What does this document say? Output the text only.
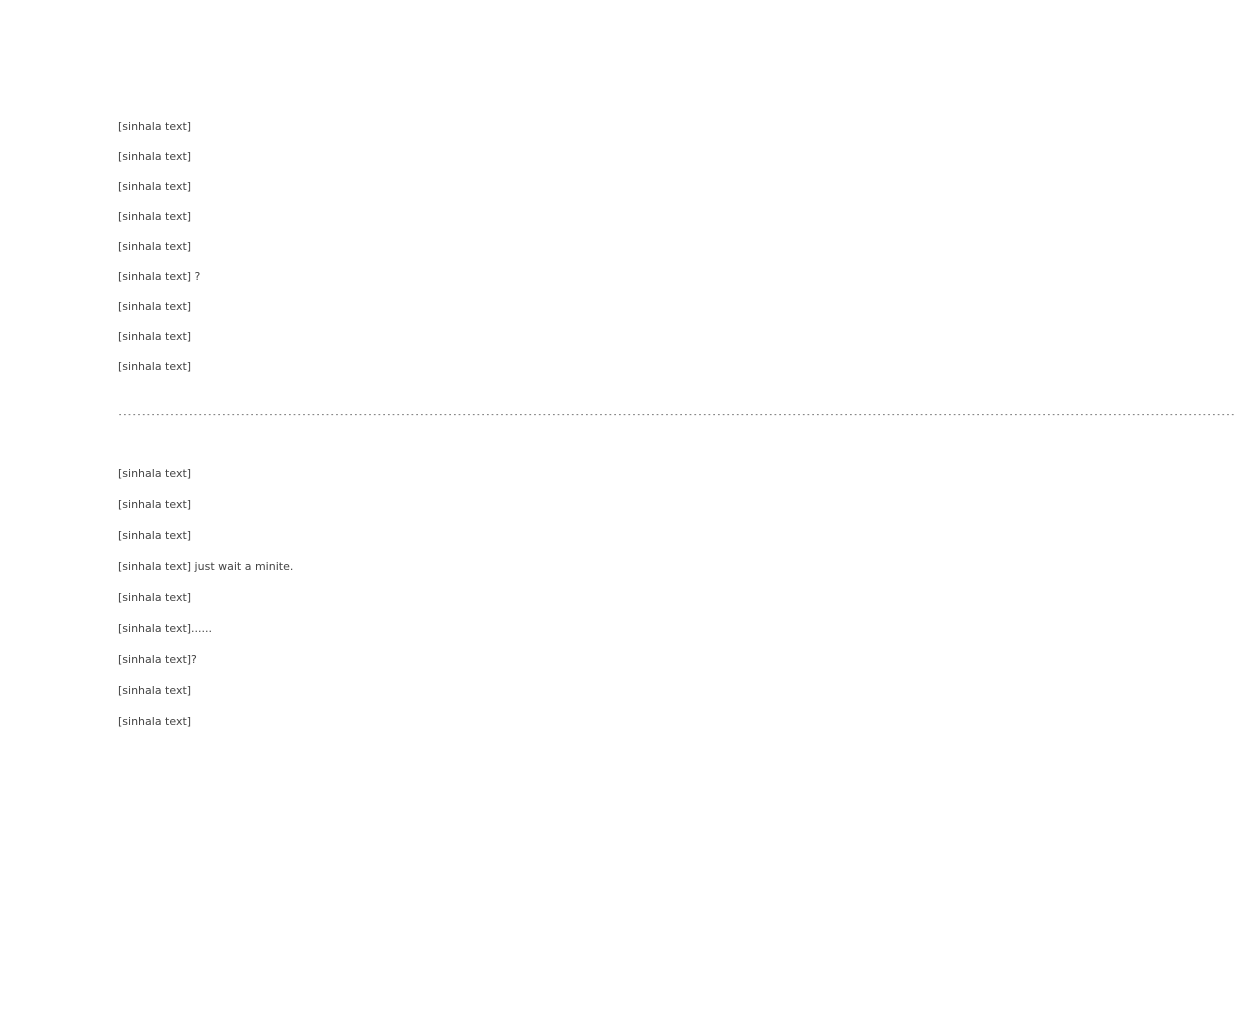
[sinhala text]

[sinhala text]

[sinhala text]

[sinhala text]

[sinhala text]

[sinhala text] ?

[sinhala text]

[sinhala text]

[sinhala text]

---------------------------------------------------------------------------------------------------------------------------------------------------------------------------------------------------------------------------------------------

[sinhala text]

[sinhala text]

[sinhala text]

[sinhala text] just wait a minite.

[sinhala text]

[sinhala text]......

[sinhala text]?

[sinhala text]

[sinhala text]
